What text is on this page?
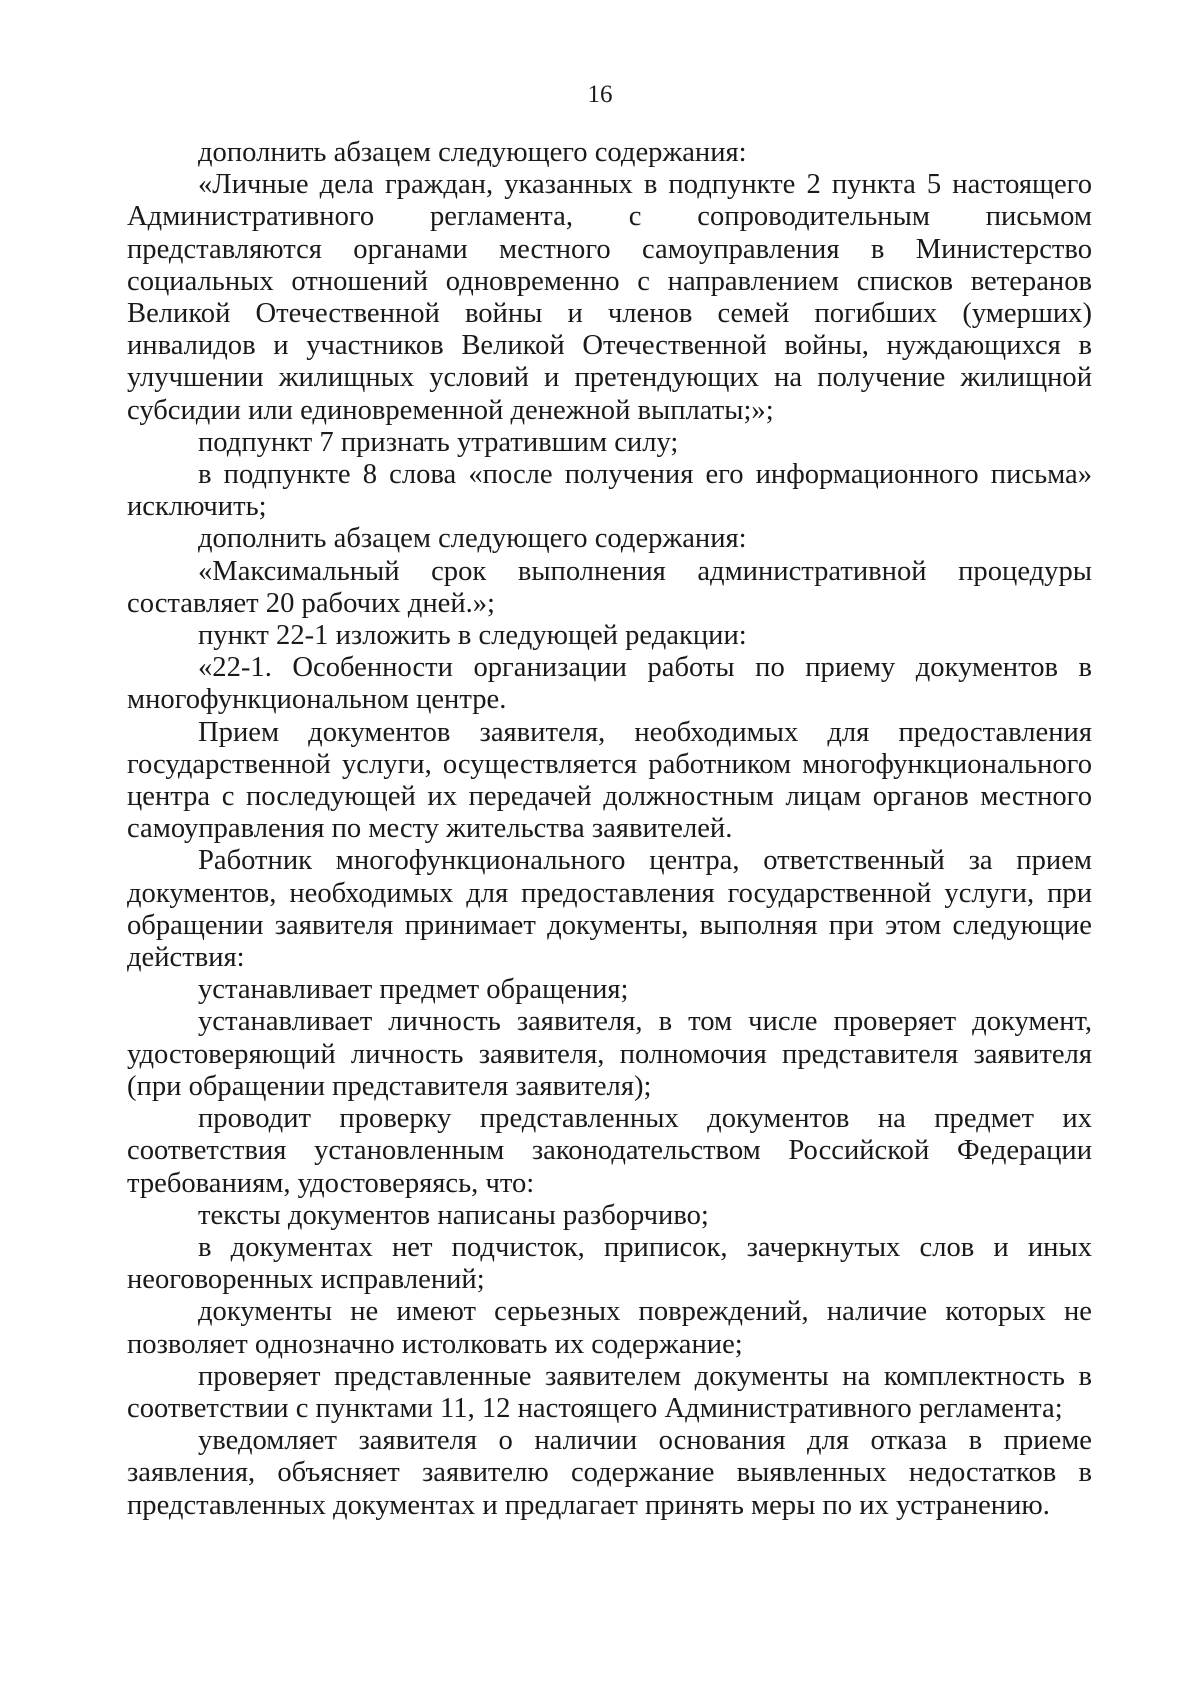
16

дополнить абзацем следующего содержания:

«Личные дела граждан, указанных в подпункте 2 пункта 5 настоящего Административного регламента, с сопроводительным письмом представляются органами местного самоуправления в Министерство социальных отношений одновременно с направлением списков ветеранов Великой Отечественной войны и членов семей погибших (умерших) инвалидов и участников Великой Отечественной войны, нуждающихся в улучшении жилищных условий и претендующих на получение жилищной субсидии или единовременной денежной выплаты;»;

подпункт 7 признать утратившим силу;

в подпункте 8 слова «после получения его информационного письма» исключить;

дополнить абзацем следующего содержания:

«Максимальный срок выполнения административной процедуры составляет 20 рабочих дней.»;

пункт 22-1 изложить в следующей редакции:

«22-1. Особенности организации работы по приему документов в многофункциональном центре.

Прием документов заявителя, необходимых для предоставления государственной услуги, осуществляется работником многофункционального центра с последующей их передачей должностным лицам органов местного самоуправления по месту жительства заявителей.

Работник многофункционального центра, ответственный за прием документов, необходимых для предоставления государственной услуги, при обращении заявителя принимает документы, выполняя при этом следующие действия:

устанавливает предмет обращения;

устанавливает личность заявителя, в том числе проверяет документ, удостоверяющий личность заявителя, полномочия представителя заявителя (при обращении представителя заявителя);

проводит проверку представленных документов на предмет их соответствия установленным законодательством Российской Федерации требованиям, удостоверяясь, что:

тексты документов написаны разборчиво;

в документах нет подчисток, приписок, зачеркнутых слов и иных неоговоренных исправлений;

документы не имеют серьезных повреждений, наличие которых не позволяет однозначно истолковать их содержание;

проверяет представленные заявителем документы на комплектность в соответствии с пунктами 11, 12 настоящего Административного регламента;

уведомляет заявителя о наличии основания для отказа в приеме заявления, объясняет заявителю содержание выявленных недостатков в представленных документах и предлагает принять меры по их устранению.
